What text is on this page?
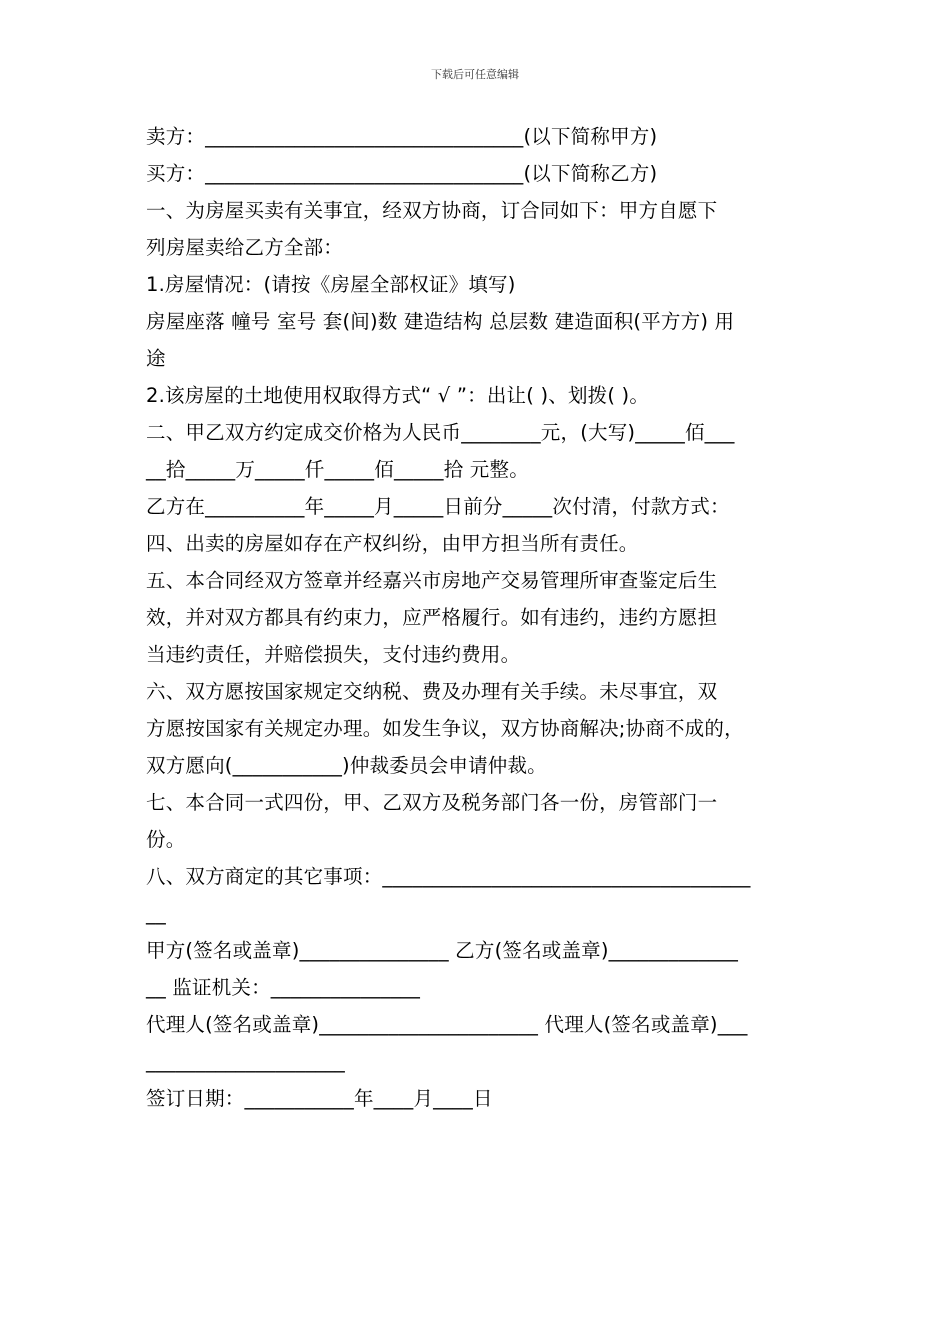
下载后可任意编辑
卖方：________________________________(以下简称甲方)
买方：________________________________(以下简称乙方)
一、为房屋买卖有关事宜，经双方协商，订合同如下：甲方自愿下
列房屋卖给乙方全部：
1.房屋情况：(请按《房屋全部权证》填写)
房屋座落 幢号 室号 套(间)数 建造结构 总层数 建造面积(平方方) 用
途
2.该房屋的土地使用权取得方式“ √ ”：出让( )、划拨( )。
二、甲乙双方约定成交价格为人民币________元，(大写)_____佰___
__拾_____万_____仟_____佰_____拾 元整。
乙方在__________年_____月_____日前分_____次付清，付款方式：
四、出卖的房屋如存在产权纠纷，由甲方担当所有责任。
五、本合同经双方签章并经嘉兴市房地产交易管理所审查鉴定后生
效，并对双方都具有约束力，应严格履行。如有违约，违约方愿担
当违约责任，并赔偿损失，支付违约费用。
六、双方愿按国家规定交纳税、费及办理有关手续。未尽事宜，双
方愿按国家有关规定办理。如发生争议，双方协商解决;协商不成的，
双方愿向(___________)仲裁委员会申请仲裁。
七、本合同一式四份，甲、乙双方及税务部门各一份，房管部门一
份。
八、双方商定的其它事项：_____________________________________
__
甲方(签名或盖章)_______________ 乙方(签名或盖章)_____________
__ 监证机关：_______________
代理人(签名或盖章)______________________ 代理人(签名或盖章)___
____________________
签订日期：___________年____月____日
